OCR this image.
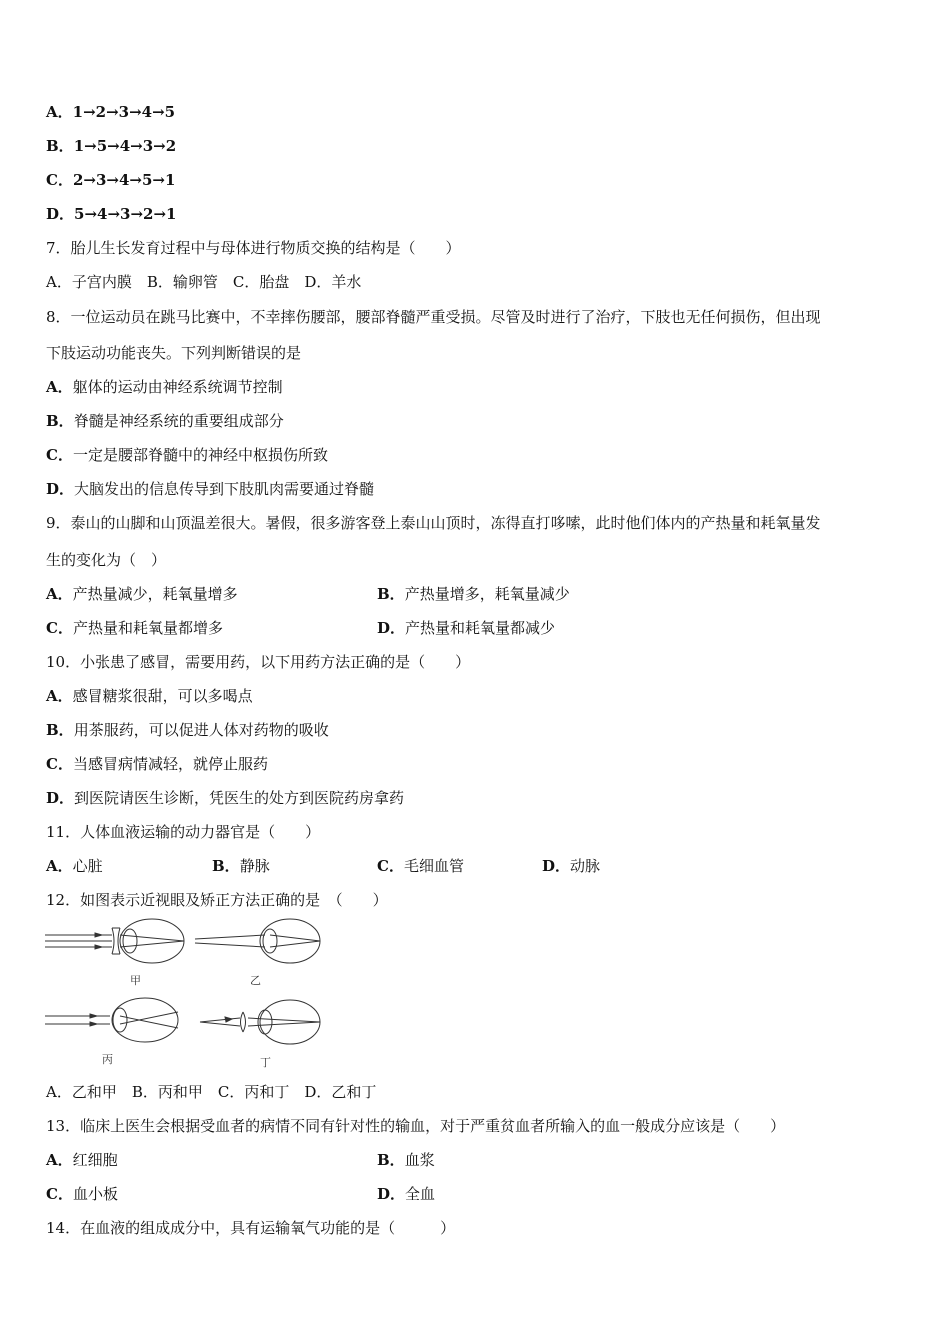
A．1→2→3→4→5
B．1→5→4→3→2
C．2→3→4→5→1
D．5→4→3→2→1
7．胎儿生长发育过程中与母体进行物质交换的结构是（　　）
A．子宫内膜　B．输卵管　C．胎盘　D．羊水
8．一位运动员在跳马比赛中，不幸摔伤腰部，腰部脊髓严重受损。尽管及时进行了治疗，下肢也无任何损伤，但出现
下肢运动功能丧失。下列判断错误的是
A．躯体的运动由神经系统调节控制
B．脊髓是神经系统的重要组成部分
C．一定是腰部脊髓中的神经中枢损伤所致
D．大脑发出的信息传导到下肢肌肉需要通过脊髓
9．泰山的山脚和山顶温差很大。暑假，很多游客登上泰山山顶时，冻得直打哆嗦，此时他们体内的产热量和耗氧量发
生的变化为（　）
A．产热量减少，耗氧量增多	B．产热量增多，耗氧量减少
C．产热量和耗氧量都增多	D．产热量和耗氧量都减少
10．小张患了感冒，需要用药，以下用药方法正确的是（　　）
A．感冒糖浆很甜，可以多喝点
B．用茶服药，可以促进人体对药物的吸收
C．当感冒病情减轻，就停止服药
D．到医院请医生诊断，凭医生的处方到医院药房拿药
11．人体血液运输的动力器官是（　　）
A．心脏	B．静脉	C．毛细血管	D．动脉
12．如图表示近视眼及矫正方法正确的是　（　　）
甲	乙
丙	丁
A．乙和甲　B．丙和甲　C．丙和丁　D．乙和丁
13．临床上医生会根据受血者的病情不同有针对性的输血，对于严重贫血者所输入的血一般成分应该是（　　）
A．红细胞	B．血浆
C．血小板	D．全血
14．在血液的组成成分中，具有运输氧气功能的是（　　　）
